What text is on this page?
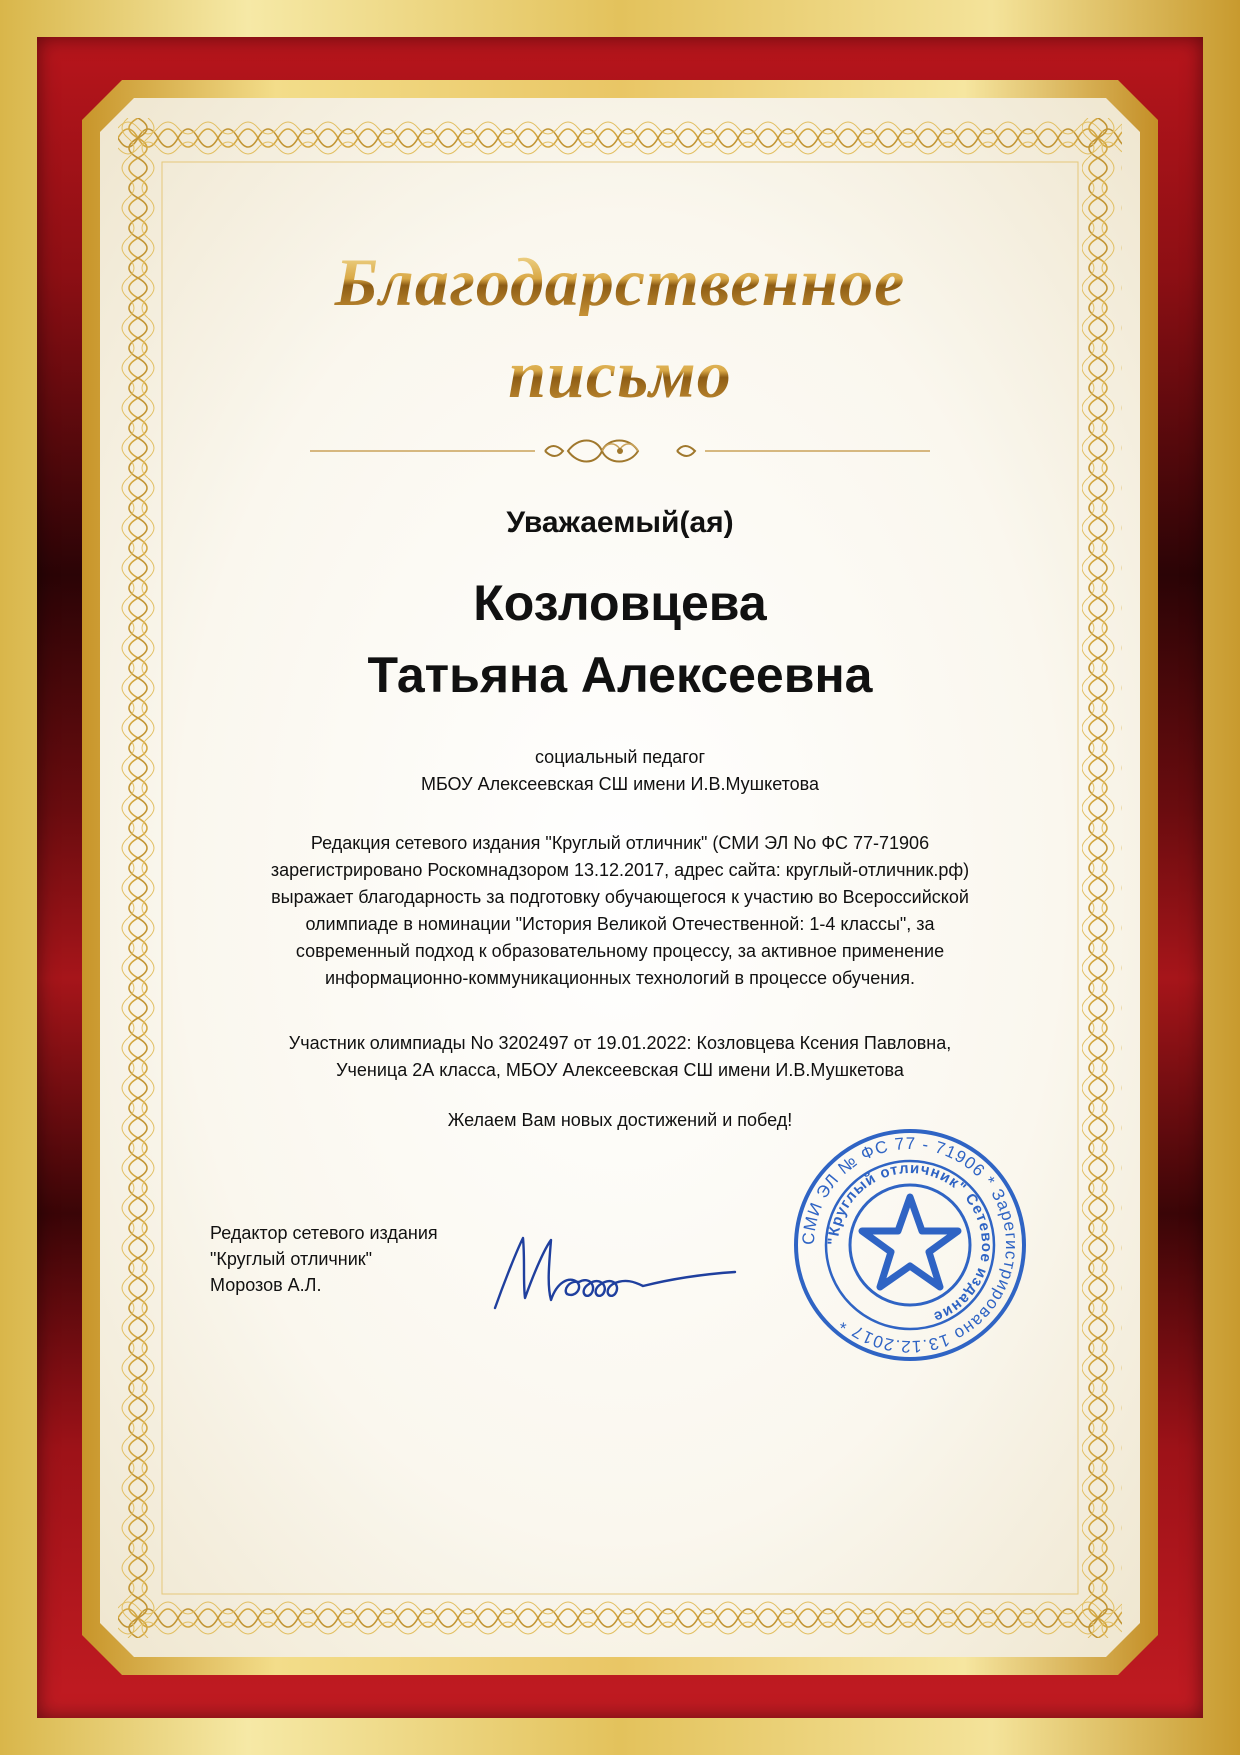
Благодарственное
письмо
Уважаемый(ая)
Козловцева
Татьяна Алексеевна
социальный педагог
МБОУ Алексеевская СШ имени И.В.Мушкетова
Редакция сетевого издания "Круглый отличник" (СМИ ЭЛ No ФС 77-71906
зарегистрировано Роскомнадзором 13.12.2017, адрес сайта: круглый-отличник.рф)
выражает благодарность за подготовку обучающегося к участию во Всероссийской
олимпиаде в номинации "История Великой Отечественной: 1-4 классы", за
современный подход к образовательному процессу, за активное применение
информационно-коммуникационных технологий в процессе обучения.
Участник олимпиады No 3202497 от 19.01.2022: Козловцева Ксения Павловна,
Ученица 2А класса, МБОУ Алексеевская СШ имени И.В.Мушкетова
Желаем Вам новых достижений и побед!
Редактор сетевого издания
"Круглый отличник"
Морозов А.Л.
СМИ ЭЛ № ФС 77 - 71906 * Зарегистрировано 13.12.2017 *
"Круглый отличник" Сетевое издание
